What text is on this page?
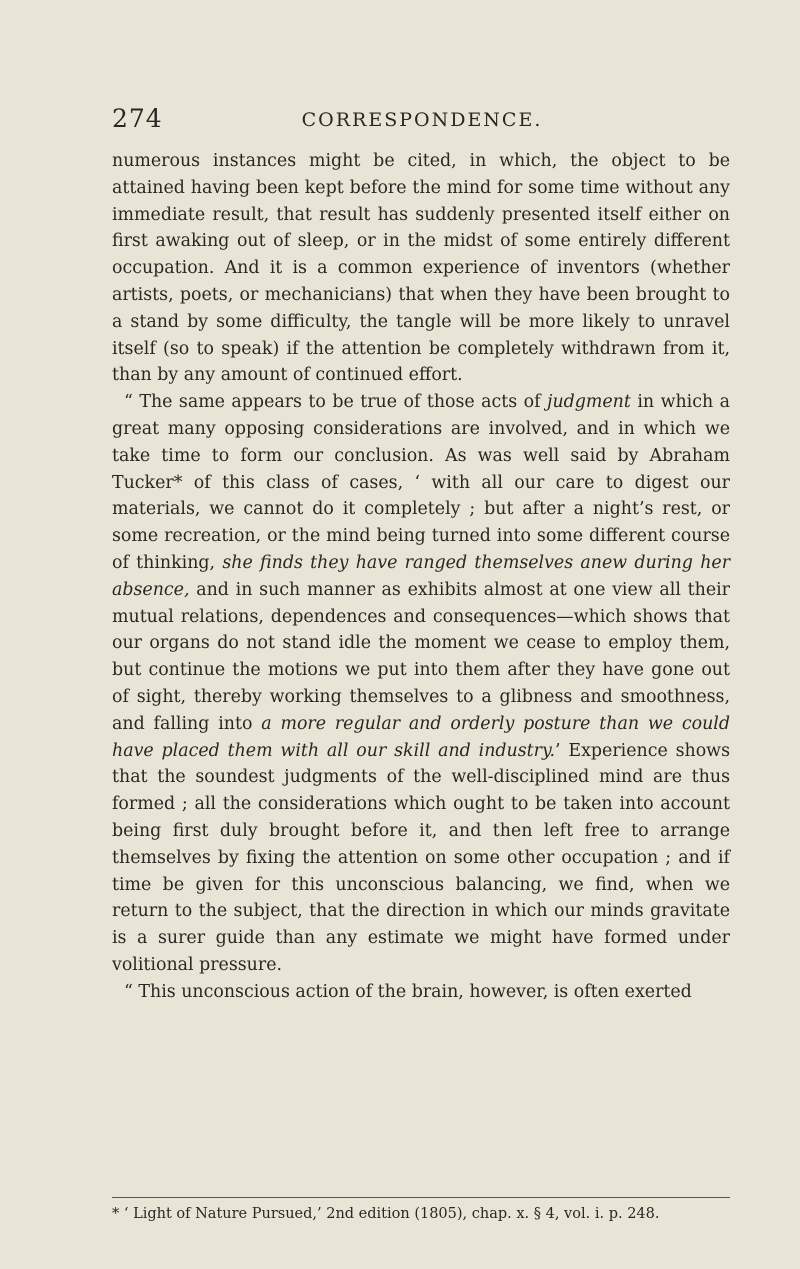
274	CORRESPONDENCE.

numerous instances might be cited, in which, the object to be attained having been kept before the mind for some time without any immediate result, that result has suddenly presented itself either on first awaking out of sleep, or in the midst of some entirely different occupation. And it is a common experience of inventors (whether artists, poets, or mechanicians) that when they have been brought to a stand by some difficulty, the tangle will be more likely to unravel itself (so to speak) if the attention be completely withdrawn from it, than by any amount of continued effort.

“ The same appears to be true of those acts of judgment in which a great many opposing considerations are involved, and in which we take time to form our conclusion. As was well said by Abraham Tucker* of this class of cases, ‘ with all our care to digest our materials, we cannot do it completely ; but after a night’s rest, or some recreation, or the mind being turned into some different course of thinking, she finds they have ranged themselves anew during her absence, and in such manner as exhibits almost at one view all their mutual relations, dependences and consequences—which shows that our organs do not stand idle the moment we cease to employ them, but continue the motions we put into them after they have gone out of sight, thereby working themselves to a glibness and smoothness, and falling into a more regular and orderly posture than we could have placed them with all our skill and industry.’ Experience shows that the soundest judgments of the well-disciplined mind are thus formed ; all the considerations which ought to be taken into account being first duly brought before it, and then left free to arrange themselves by fixing the attention on some other occupation ; and if time be given for this unconscious balancing, we find, when we return to the subject, that the direction in which our minds gravitate is a surer guide than any estimate we might have formed under volitional pressure.

“ This unconscious action of the brain, however, is often exerted

* ‘ Light of Nature Pursued,’ 2nd edition (1805), chap. x. § 4, vol. i. p. 248.
